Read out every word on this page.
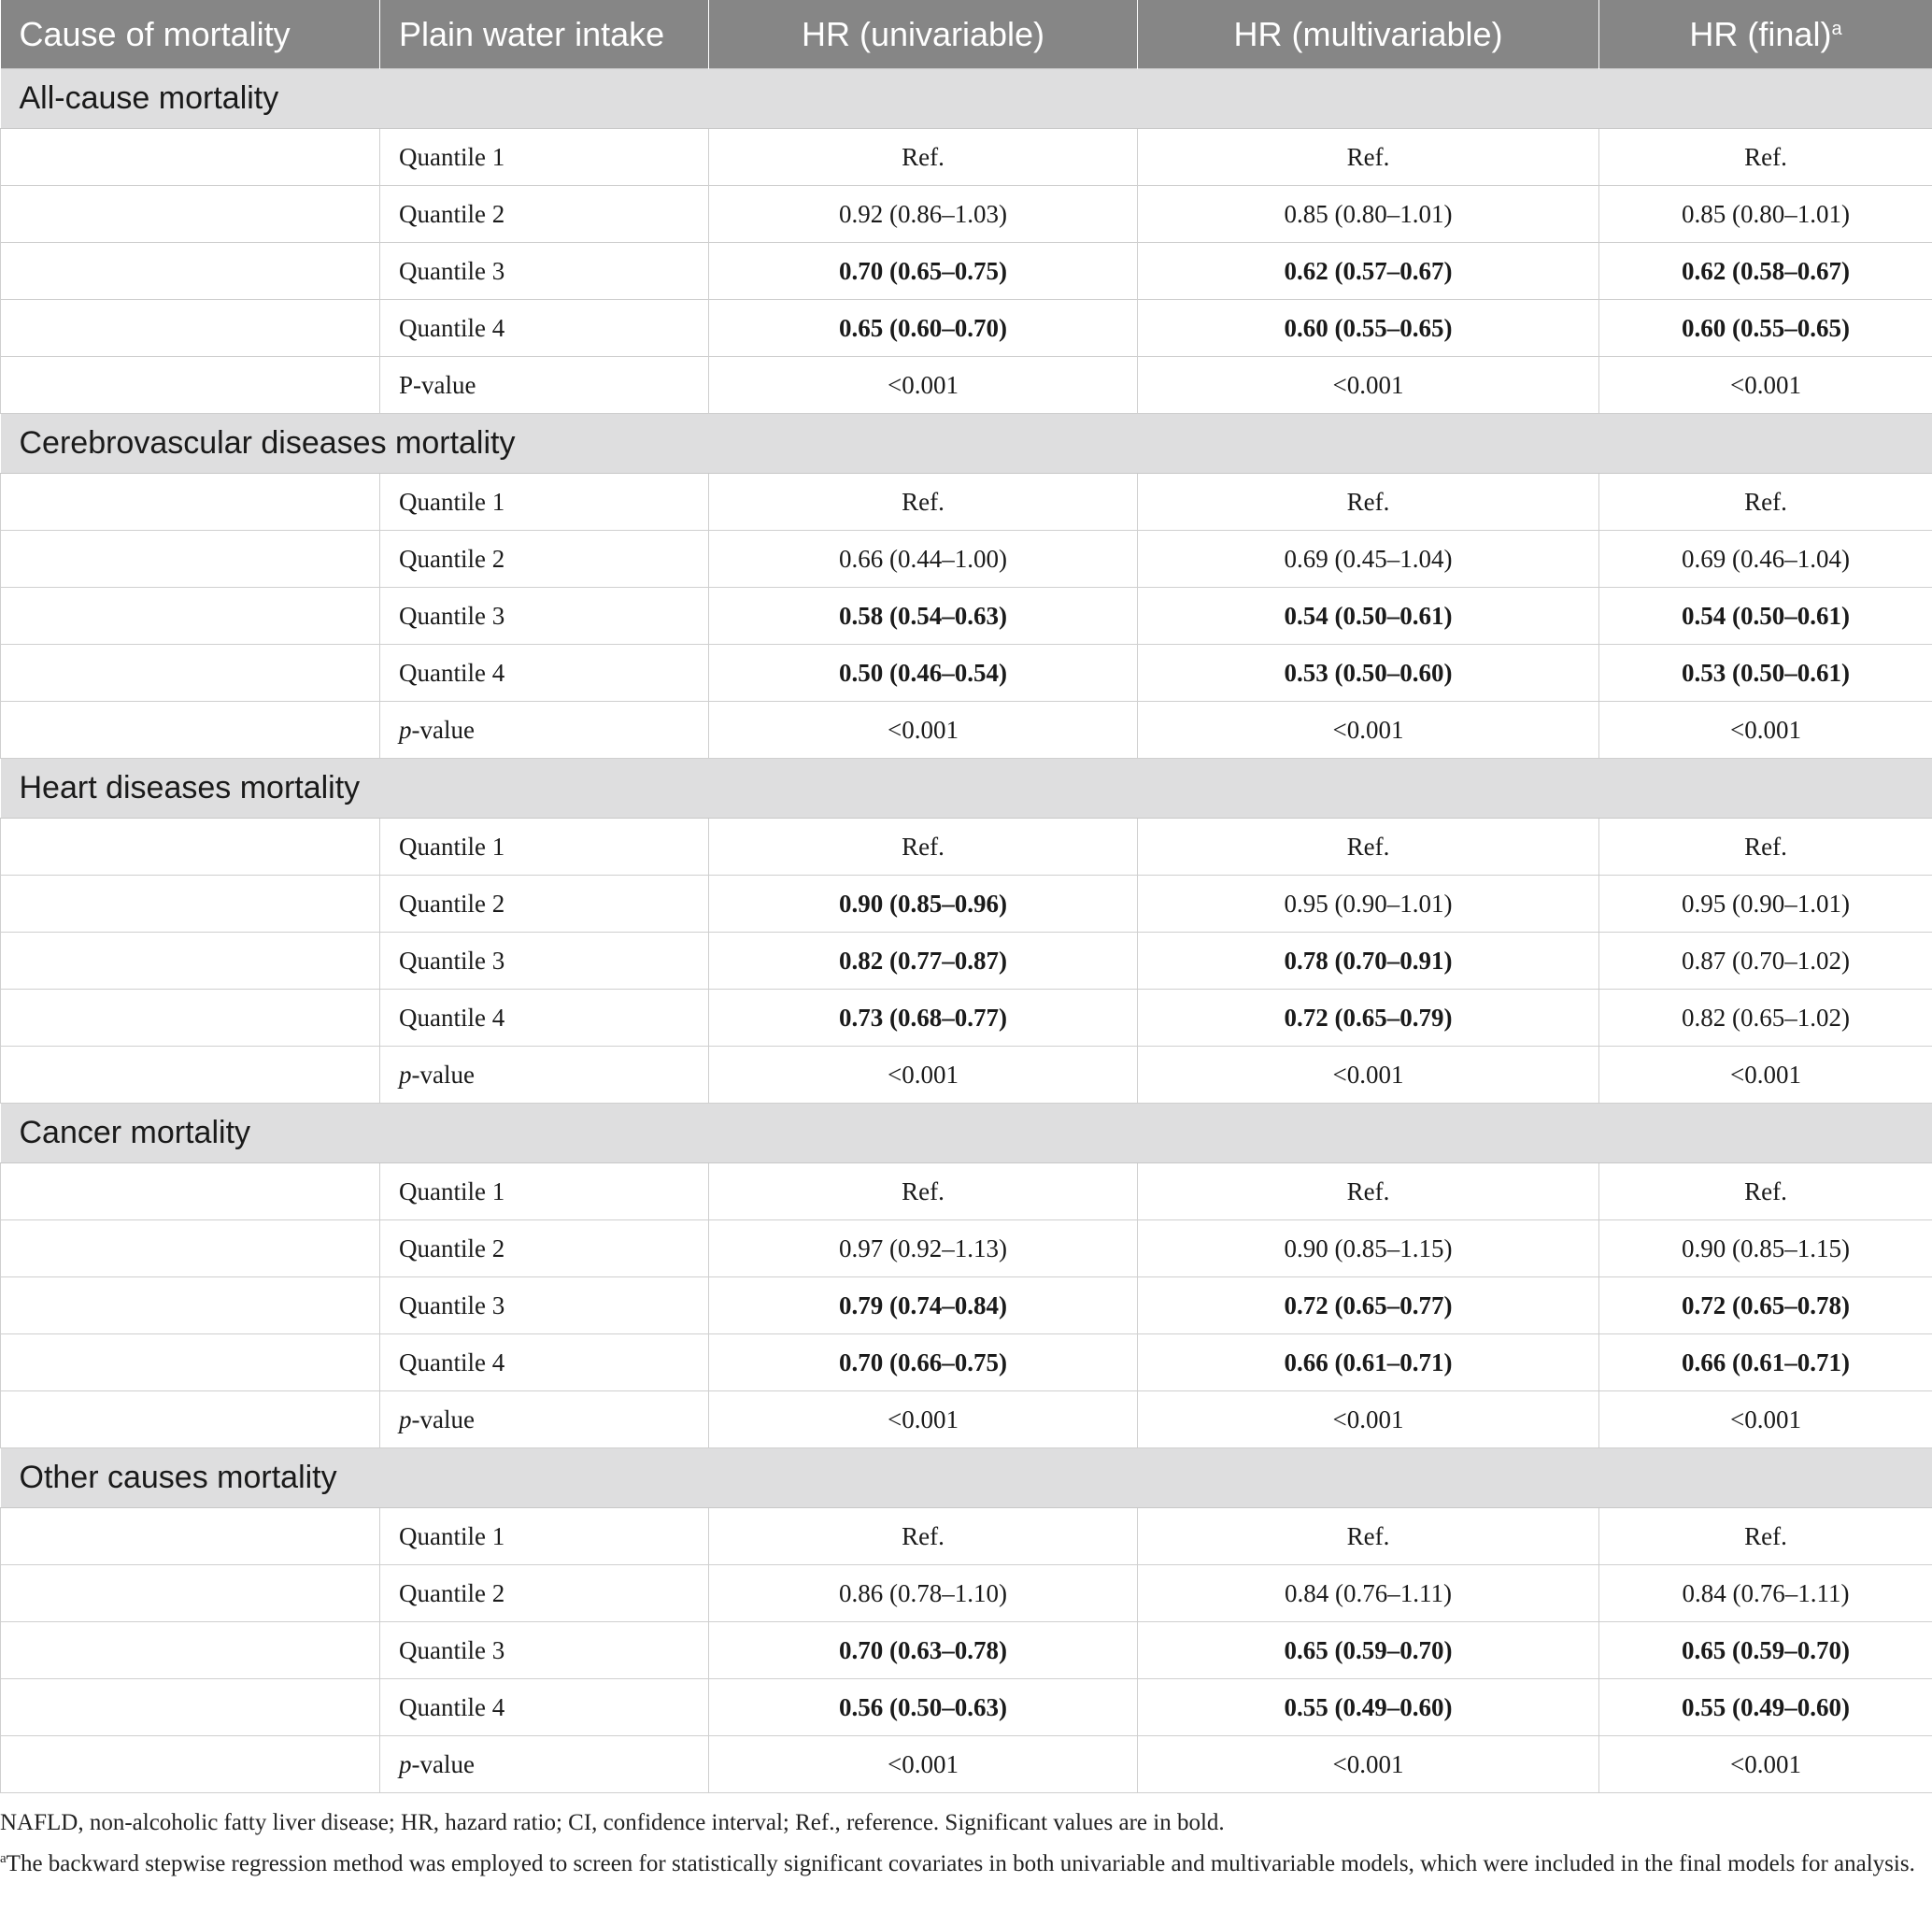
Cause of mortality	Plain water intake	HR (univariable)	HR (multivariable)	HR (final)$^a$
All-cause mortality				
	Quantile 1	Ref.	Ref.	Ref.
	Quantile 2	0.92 (0.86–1.03)	0.85 (0.80–1.01)	0.85 (0.80–1.01)
	Quantile 3	0.70 (0.65–0.75)	0.62 (0.57–0.67)	0.62 (0.58–0.67)
	Quantile 4	0.65 (0.60–0.70)	0.60 (0.55–0.65)	0.60 (0.55–0.65)
	P-value	<0.001	<0.001	<0.001
Cerebrovascular diseases mortality				
	Quantile 1	Ref.	Ref.	Ref.
	Quantile 2	0.66 (0.44–1.00)	0.69 (0.45–1.04)	0.69 (0.46–1.04)
	Quantile 3	0.58 (0.54–0.63)	0.54 (0.50–0.61)	0.54 (0.50–0.61)
	Quantile 4	0.50 (0.46–0.54)	0.53 (0.50–0.60)	0.53 (0.50–0.61)
	p-value	<0.001	<0.001	<0.001
Heart diseases mortality				
	Quantile 1	Ref.	Ref.	Ref.
	Quantile 2	0.90 (0.85–0.96)	0.95 (0.90–1.01)	0.95 (0.90–1.01)
	Quantile 3	0.82 (0.77–0.87)	0.78 (0.70–0.91)	0.87 (0.70–1.02)
	Quantile 4	0.73 (0.68–0.77)	0.72 (0.65–0.79)	0.82 (0.65–1.02)
	p-value	<0.001	<0.001	<0.001
Cancer mortality				
	Quantile 1	Ref.	Ref.	Ref.
	Quantile 2	0.97 (0.92–1.13)	0.90 (0.85–1.15)	0.90 (0.85–1.15)
	Quantile 3	0.79 (0.74–0.84)	0.72 (0.65–0.77)	0.72 (0.65–0.78)
	Quantile 4	0.70 (0.66–0.75)	0.66 (0.61–0.71)	0.66 (0.61–0.71)
	p-value	<0.001	<0.001	<0.001
Other causes mortality				
	Quantile 1	Ref.	Ref.	Ref.
	Quantile 2	0.86 (0.78–1.10)	0.84 (0.76–1.11)	0.84 (0.76–1.11)
	Quantile 3	0.70 (0.63–0.78)	0.65 (0.59–0.70)	0.65 (0.59–0.70)
	Quantile 4	0.56 (0.50–0.63)	0.55 (0.49–0.60)	0.55 (0.49–0.60)
	p-value	<0.001	<0.001	<0.001

NAFLD, non-alcoholic fatty liver disease; HR, hazard ratio; CI, confidence interval; Ref., reference. Significant values are in bold.

$^a$The backward stepwise regression method was employed to screen for statistically significant covariates in both univariable and multivariable models, which were included in the final models for analysis.
